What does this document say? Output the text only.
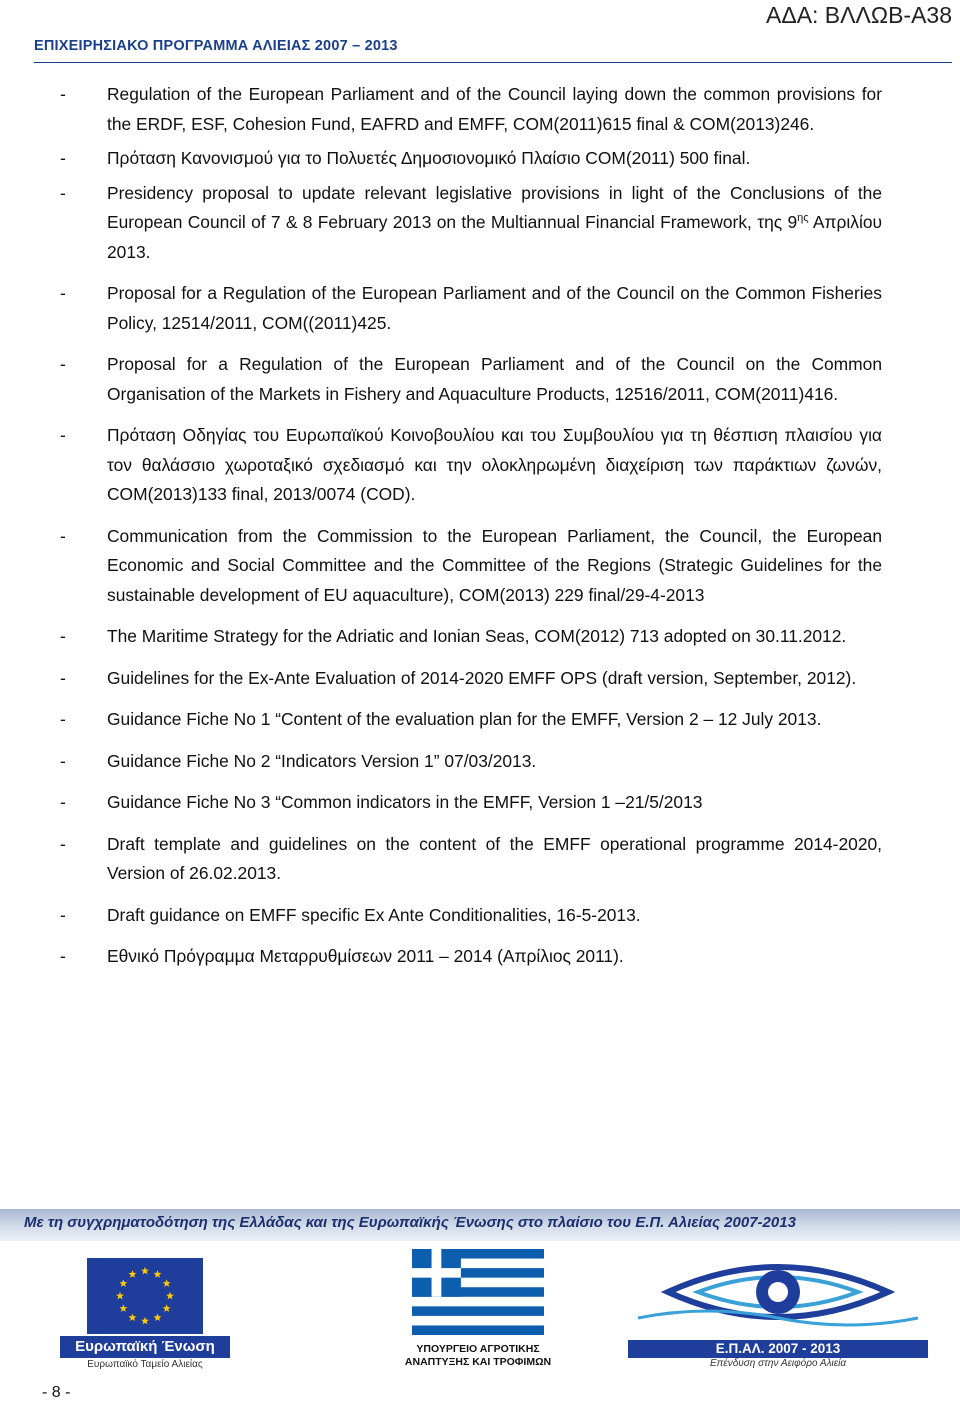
ΕΠΙΧΕΙΡΗΣΙΑΚΟ ΠΡΟΓΡΑΜΜΑ ΑΛΙΕΙΑΣ 2007 – 2013
ΑΔΑ: ΒΛΛΩΒ-Α38
- Regulation of the European Parliament and of the Council laying down the common provisions for the ERDF, ESF, Cohesion Fund, EAFRD and EMFF, COM(2011)615 final & COM(2013)246.
- Πρόταση Κανονισμού για το Πολυετές Δημοσιονομικό Πλαίσιο COM(2011) 500 final.
- Presidency proposal to update relevant legislative provisions in light of the Conclusions of the European Council of 7 & 8 February 2013 on the Multiannual Financial Framework, της $9^{\eta\varsigma}$ Απριλίου 2013.
- Proposal for a Regulation of the European Parliament and of the Council on the Common Fisheries Policy, 12514/2011, COM((2011)425.
- Proposal for a Regulation of the European Parliament and of the Council on the Common Organisation of the Markets in Fishery and Aquaculture Products, 12516/2011, COM(2011)416.
- Πρόταση Οδηγίας του Ευρωπαϊκού Κοινοβουλίου και του Συμβουλίου για τη θέσπιση πλαισίου για τον θαλάσσιο χωροταξικό σχεδιασμό και την ολοκληρωμένη διαχείριση των παράκτιων ζωνών, COM(2013)133 final, 2013/0074 (COD).
- Communication from the Commission to the European Parliament, the Council, the European Economic and Social Committee and the Committee of the Regions (Strategic Guidelines for the sustainable development of EU aquaculture), COM(2013) 229 final/29-4-2013
- The Maritime Strategy for the Adriatic and Ionian Seas, COM(2012) 713 adopted on 30.11.2012.
- Guidelines for the Ex-Ante Evaluation of 2014-2020 EMFF OPS (draft version, September, 2012).
- Guidance Fiche No 1 “Content of the evaluation plan for the EMFF, Version 2 – 12 July 2013.
- Guidance Fiche No 2 “Indicators Version 1” 07/03/2013.
- Guidance Fiche No 3 “Common indicators in the EMFF, Version 1 –21/5/2013
- Draft template and guidelines on the content of the EMFF operational programme 2014-2020, Version of 26.02.2013.
- Draft guidance on EMFF specific Ex Ante Conditionalities, 16-5-2013.
- Εθνικό Πρόγραμμα Μεταρρυθμίσεων 2011 – 2014 (Απρίλιος 2011).
Με τη συγχρηματοδότηση της Ελλάδας και της Ευρωπαϊκής Ένωσης στο πλαίσιο του Ε.Π. Αλιείας 2007-2013
Ευρωπαϊκή Ένωση
Ευρωπαϊκό Ταμείο Αλιείας
ΥΠΟΥΡΓΕΙΟ ΑΓΡΟΤΙΚΗΣ
ΑΝΑΠΤΥΞΗΣ ΚΑΙ ΤΡΟΦΙΜΩΝ
Ε.Π.ΑΛ. 2007 - 2013
Επένδυση στην Αειφόρο Αλιεία
- 8 -
